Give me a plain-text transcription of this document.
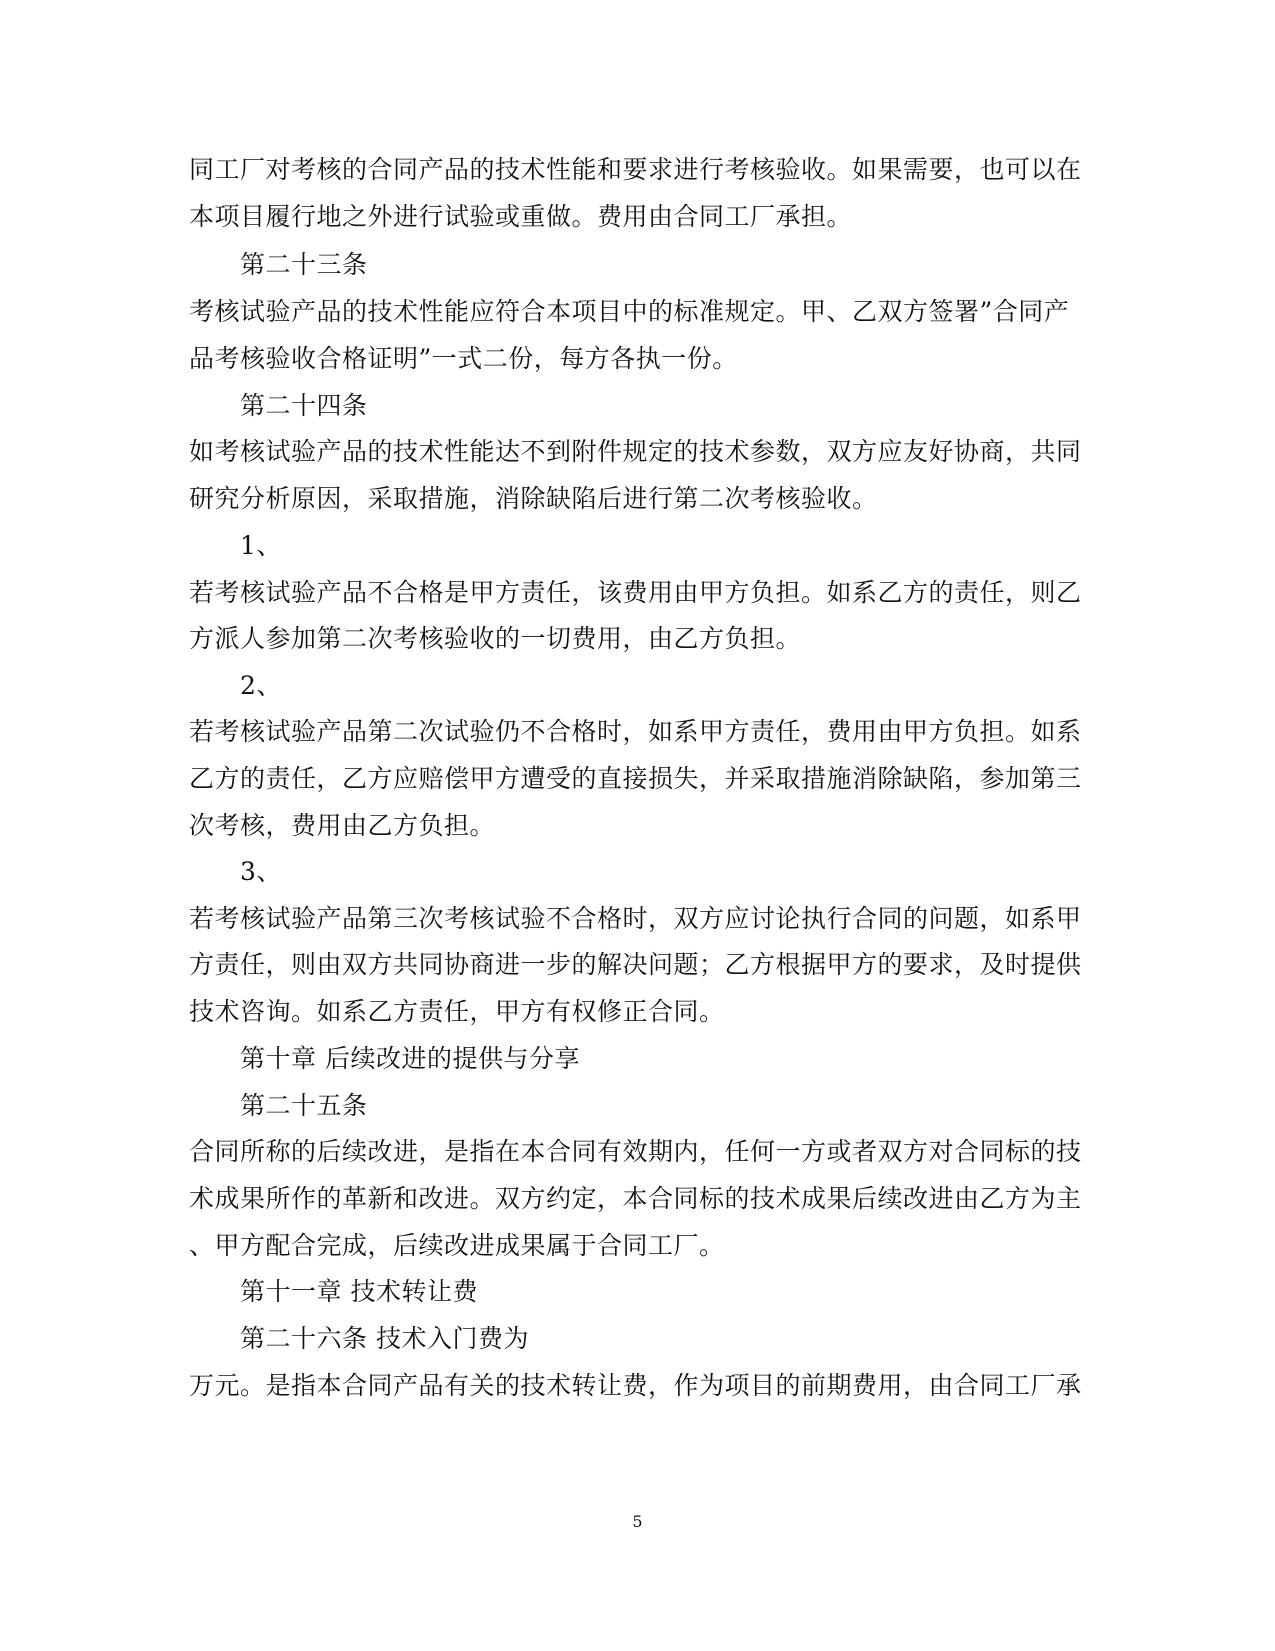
同工厂对考核的合同产品的技术性能和要求进行考核验收。如果需要，也可以在
本项目履行地之外进行试验或重做。费用由合同工厂承担。
第二十三条
考核试验产品的技术性能应符合本项目中的标准规定。甲、乙双方签署”合同产
品考核验收合格证明”一式二份，每方各执一份。
第二十四条
如考核试验产品的技术性能达不到附件规定的技术参数，双方应友好协商，共同
研究分析原因，采取措施，消除缺陷后进行第二次考核验收。
1、
若考核试验产品不合格是甲方责任，该费用由甲方负担。如系乙方的责任，则乙
方派人参加第二次考核验收的一切费用，由乙方负担。
2、
若考核试验产品第二次试验仍不合格时，如系甲方责任，费用由甲方负担。如系
乙方的责任，乙方应赔偿甲方遭受的直接损失，并采取措施消除缺陷，参加第三
次考核，费用由乙方负担。
3、
若考核试验产品第三次考核试验不合格时，双方应讨论执行合同的问题，如系甲
方责任，则由双方共同协商进一步的解决问题；乙方根据甲方的要求，及时提供
技术咨询。如系乙方责任，甲方有权修正合同。
第十章 后续改进的提供与分享
第二十五条
合同所称的后续改进，是指在本合同有效期内，任何一方或者双方对合同标的技
术成果所作的革新和改进。双方约定，本合同标的技术成果后续改进由乙方为主
、甲方配合完成，后续改进成果属于合同工厂。
第十一章 技术转让费
第二十六条 技术入门费为
万元。是指本合同产品有关的技术转让费，作为项目的前期费用，由合同工厂承
5
